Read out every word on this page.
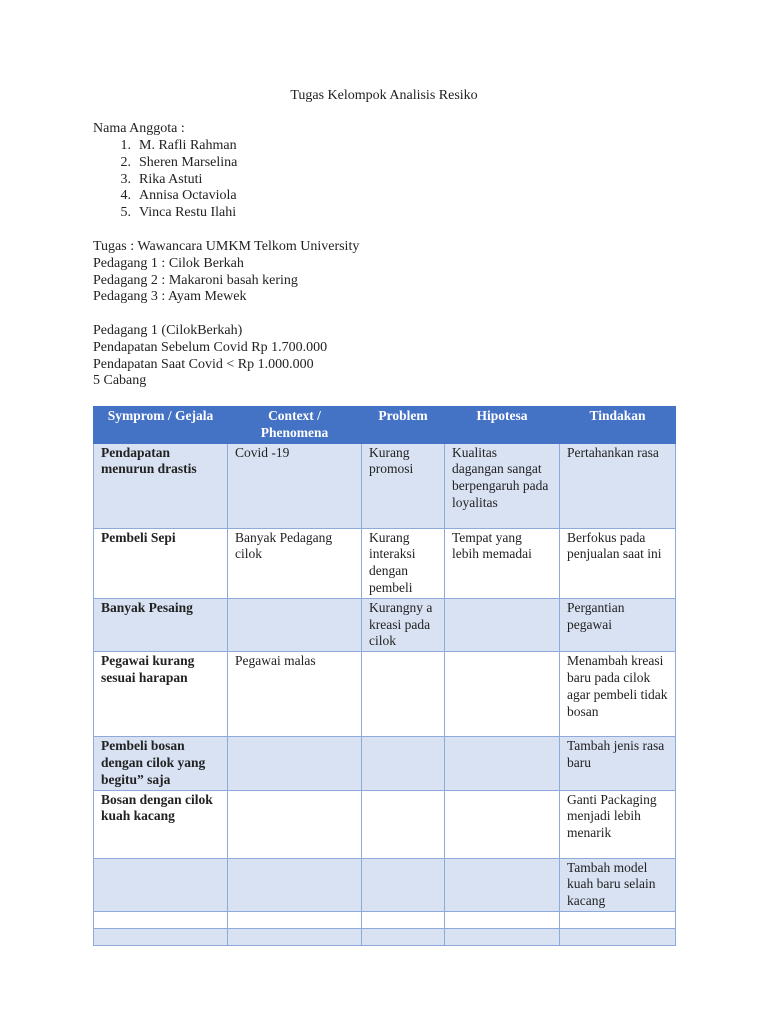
Tugas Kelompok Analisis Resiko
Nama Anggota :
1. M. Rafli Rahman
2. Sheren Marselina
3. Rika Astuti
4. Annisa Octaviola
5. Vinca Restu Ilahi
Tugas : Wawancara UMKM Telkom University
Pedagang 1 : Cilok Berkah
Pedagang 2 : Makaroni basah kering
Pedagang 3 : Ayam Mewek
Pedagang 1 (CilokBerkah)
Pendapatan Sebelum Covid Rp 1.700.000
Pendapatan Saat Covid < Rp 1.000.000
5 Cabang
Symprom / Gejala	Context / Phenomena	Problem	Hipotesa	Tindakan
Pendapatan menurun drastis	Covid -19	Kurang promosi	Kualitas dagangan sangat berpengaruh pada loyalitas	Pertahankan rasa
Pembeli Sepi	Banyak Pedagang cilok	Kurang interaksi dengan pembeli	Tempat yang lebih memadai	Berfokus pada penjualan saat ini
Banyak Pesaing		Kurangny a kreasi pada cilok		Pergantian pegawai
Pegawai kurang sesuai harapan	Pegawai malas			Menambah kreasi baru pada cilok agar pembeli tidak bosan
Pembeli bosan dengan cilok yang begitu” saja				Tambah jenis rasa baru
Bosan dengan cilok kuah kacang				Ganti Packaging menjadi lebih menarik
				Tambah model kuah baru selain kacang
